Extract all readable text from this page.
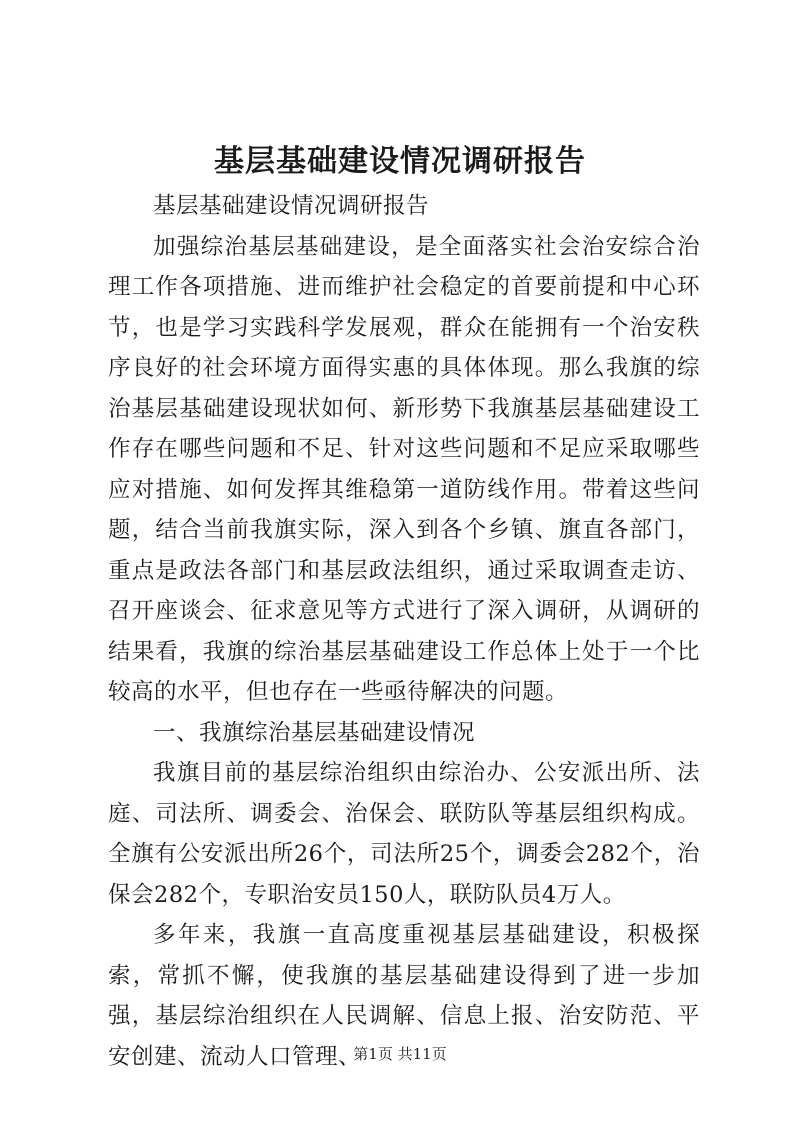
基层基础建设情况调研报告

基层基础建设情况调研报告

加强综治基层基础建设，是全面落实社会治安综合治理工作各项措施、进而维护社会稳定的首要前提和中心环节，也是学习实践科学发展观，群众在能拥有一个治安秩序良好的社会环境方面得实惠的具体体现。那么我旗的综治基层基础建设现状如何、新形势下我旗基层基础建设工作存在哪些问题和不足、针对这些问题和不足应采取哪些应对措施、如何发挥其维稳第一道防线作用。带着这些问题，结合当前我旗实际，深入到各个乡镇、旗直各部门，重点是政法各部门和基层政法组织，通过采取调查走访、召开座谈会、征求意见等方式进行了深入调研，从调研的结果看，我旗的综治基层基础建设工作总体上处于一个比较高的水平，但也存在一些亟待解决的问题。

一、我旗综治基层基础建设情况

我旗目前的基层综治组织由综治办、公安派出所、法庭、司法所、调委会、治保会、联防队等基层组织构成。全旗有公安派出所26个，司法所25个，调委会282个，治保会282个，专职治安员150人，联防队员4万人。

多年来，我旗一直高度重视基层基础建设，积极探索，常抓不懈，使我旗的基层基础建设得到了进一步加强，基层综治组织在人民调解、信息上报、治安防范、平安创建、流动人口管理、

第1页 共11页
